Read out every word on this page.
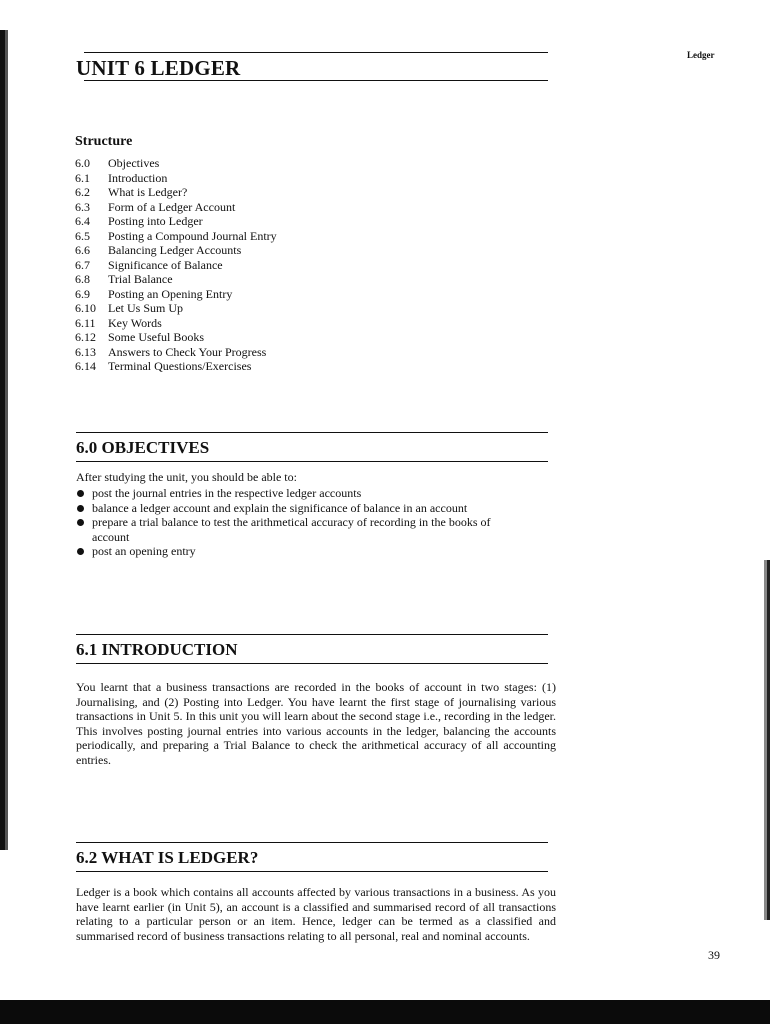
Ledger
UNIT 6 LEDGER
Structure
6.0	Objectives
6.1	Introduction
6.2	What is Ledger?
6.3	Form of a Ledger Account
6.4	Posting into Ledger
6.5	Posting a Compound Journal Entry
6.6	Balancing Ledger Accounts
6.7	Significance of Balance
6.8	Trial Balance
6.9	Posting an Opening Entry
6.10	Let Us Sum Up
6.11	Key Words
6.12	Some Useful Books
6.13	Answers to Check Your Progress
6.14	Terminal Questions/Exercises
6.0 OBJECTIVES

After studying the unit, you should be able to:

post the journal entries in the respective ledger accounts
balance a ledger account and explain the significance of balance in an account
prepare a trial balance to test the arithmetical accuracy of recording in the books of account
post an opening entry
6.1 INTRODUCTION

You learnt that a business transactions are recorded in the books of account in two stages: (1) Journalising, and (2) Posting into Ledger. You have learnt the first stage of journalising various transactions in Unit 5. In this unit you will learn about the second stage i.e., recording in the ledger. This involves posting journal entries into various accounts in the ledger, balancing the accounts periodically, and preparing a Trial Balance to check the arithmetical accuracy of all accounting entries.

6.2 WHAT IS LEDGER?

Ledger is a book which contains all accounts affected by various transactions in a business. As you have learnt earlier (in Unit 5), an account is a classified and summarised record of all transactions relating to a particular person or an item. Hence, ledger can be termed as a classified and summarised record of business transactions relating to all personal, real and nominal accounts.

39
